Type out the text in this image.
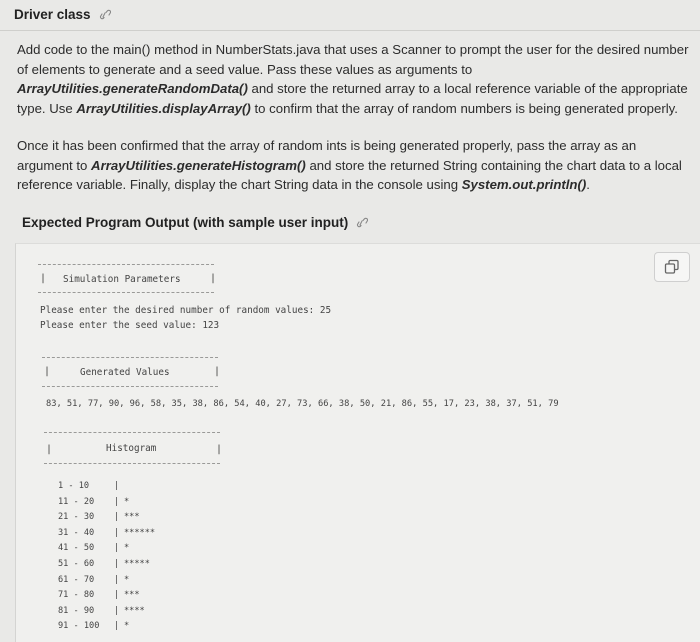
Driver class
Add code to the main() method in NumberStats.java that uses a Scanner to prompt the user for the desired number of elements to generate and a seed value. Pass these values as arguments to ArrayUtilities.generateRandomData() and store the returned array to a local reference variable of the appropriate type. Use ArrayUtilities.displayArray() to confirm that the array of random numbers is being generated properly.
Once it has been confirmed that the array of random ints is being generated properly, pass the array as an argument to ArrayUtilities.generateHistogram() and store the returned String containing the chart data to a local reference variable. Finally, display the chart String data in the console using System.out.println().
Expected Program Output (with sample user input)
| Simulation Parameters	|
Please enter the desired number of random values: 25
Please enter the seed value: 123
|	Generated Values	|
83, 51, 77, 90, 96, 58, 35, 38, 86, 54, 40, 27, 73, 66, 38, 50, 21, 86, 55, 17, 23, 38, 37, 51, 79
|	Histogram	|
1 - 10	|
11 - 20 | *
21 - 30 | ***
31 - 40 | ******
41 - 50 | *
51 - 60 | *****
61 - 70 | *
71 - 80 | ***
81 - 90 | ****
91 - 100 | *
